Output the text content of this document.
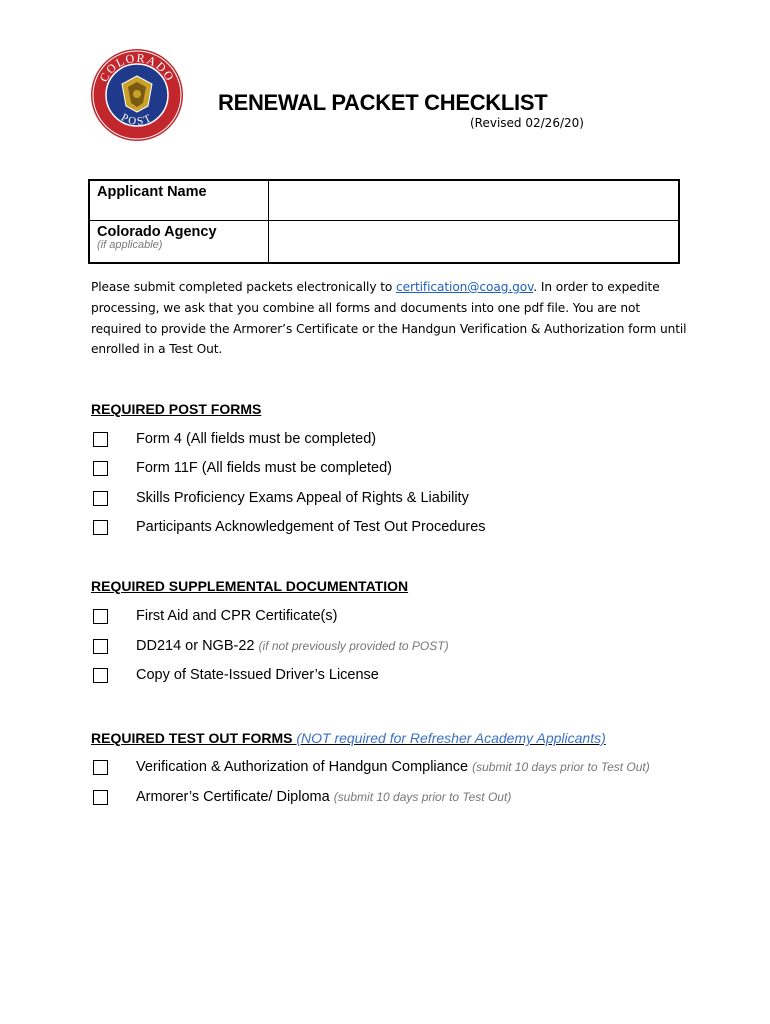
COLORADO
POST
RENEWAL PACKET CHECKLIST
(Revised 02/26/20)
Applicant Name	

Colorado Agency
(if applicable)	

Please submit completed packets electronically to certification@coag.gov. In order to expedite processing, we ask that you combine all forms and documents into one pdf file. You are not required to provide the Armorer’s Certificate or the Handgun Verification & Authorization form until enrolled in a Test Out.
REQUIRED POST FORMS
Form 4 (All fields must be completed)
Form 11F (All fields must be completed)
Skills Proficiency Exams Appeal of Rights & Liability
Participants Acknowledgement of Test Out Procedures
REQUIRED SUPPLEMENTAL DOCUMENTATION
First Aid and CPR Certificate(s)
DD214 or NGB-22 (if not previously provided to POST)
Copy of State-Issued Driver’s License
REQUIRED TEST OUT FORMS (NOT required for Refresher Academy Applicants)
Verification & Authorization of Handgun Compliance (submit 10 days prior to Test Out)
Armorer’s Certificate/ Diploma (submit 10 days prior to Test Out)
